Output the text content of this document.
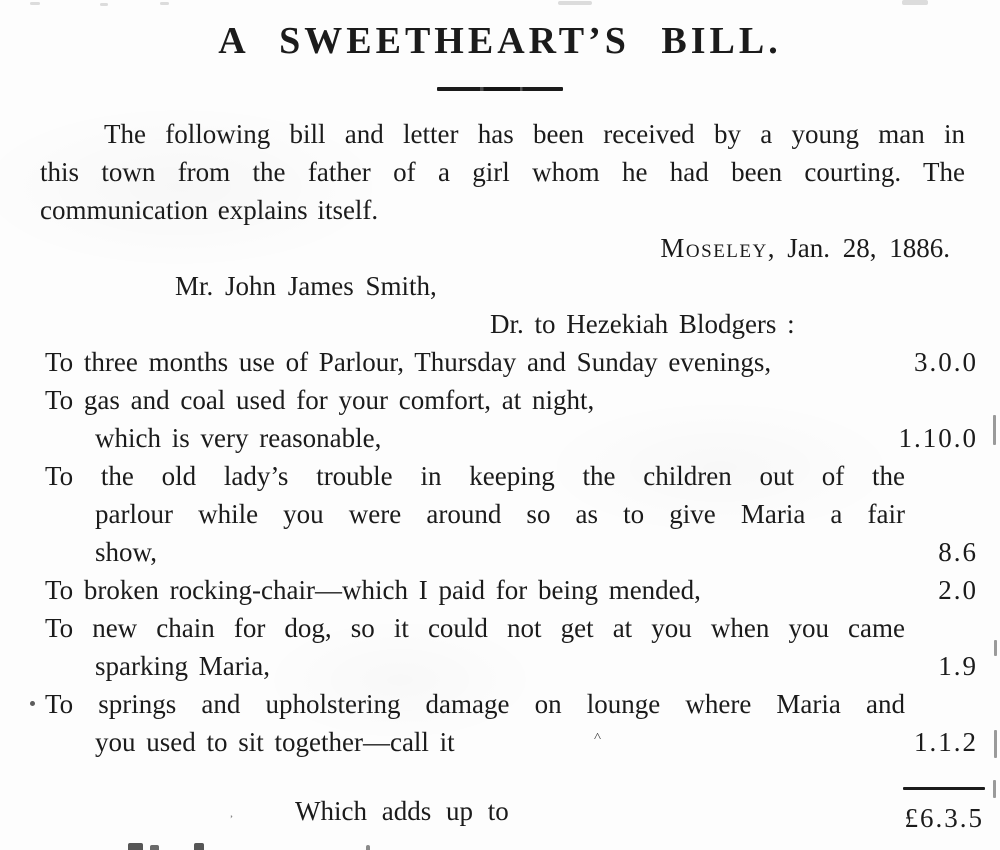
A SWEETHEART’S BILL.
The following bill and letter has been received by a young man in
this town from the father of a girl whom he had been courting. The
communication explains itself.
Moseley, Jan. 28, 1886.
Mr. John James Smith,
Dr. to Hezekiah Blodgers :
To three months use of Parlour, Thursday and Sunday evenings,	3.0.0
To gas and coal used for your comfort, at night,
which is very reasonable,	1.10.0
To the old lady’s trouble in keeping the children out of the
parlour while you were around so as to give Maria a fair
show,	8.6
To broken rocking-chair—which I paid for being mended,	2.0
To new chain for dog, so it could not get at you when you came
sparking Maria,	1.9
To springs and upholstering damage on lounge where Maria and
you used to sit together—call it	1.1.2
Which adds up to	£6.3.5
^
,
